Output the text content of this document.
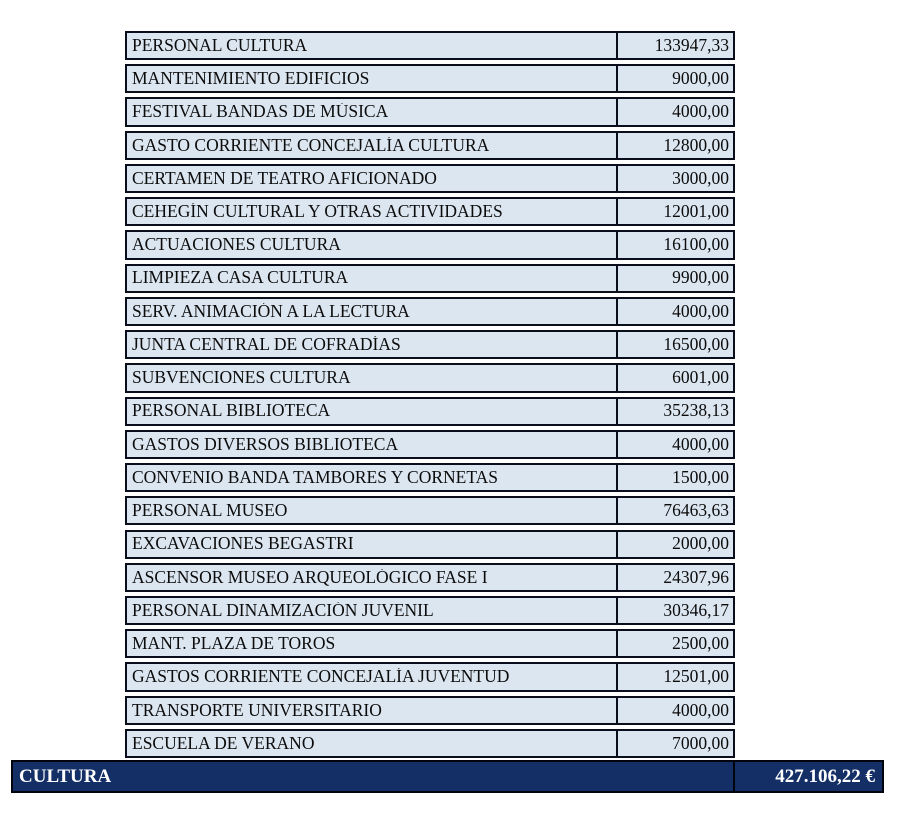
PERSONAL CULTURA	133947,33
MANTENIMIENTO EDIFICIOS	9000,00
FESTIVAL BANDAS DE MÚSICA	4000,00
GASTO CORRIENTE CONCEJALÍA CULTURA	12800,00
CERTAMEN DE TEATRO AFICIONADO	3000,00
CEHEGÍN CULTURAL Y OTRAS ACTIVIDADES	12001,00
ACTUACIONES CULTURA	16100,00
LIMPIEZA CASA CULTURA	9900,00
SERV. ANIMACIÓN A LA LECTURA	4000,00
JUNTA CENTRAL DE COFRADÍAS	16500,00
SUBVENCIONES CULTURA	6001,00
PERSONAL BIBLIOTECA	35238,13
GASTOS DIVERSOS BIBLIOTECA	4000,00
CONVENIO BANDA TAMBORES Y CORNETAS	1500,00
PERSONAL MUSEO	76463,63
EXCAVACIONES BEGASTRI	2000,00
ASCENSOR MUSEO ARQUEOLÓGICO FASE I	24307,96
PERSONAL DINAMIZACIÓN JUVENIL	30346,17
MANT. PLAZA DE TOROS	2500,00
GASTOS CORRIENTE CONCEJALÍA JUVENTUD	12501,00
TRANSPORTE UNIVERSITARIO	4000,00
ESCUELA DE VERANO	7000,00
CULTURA	427.106,22 €
